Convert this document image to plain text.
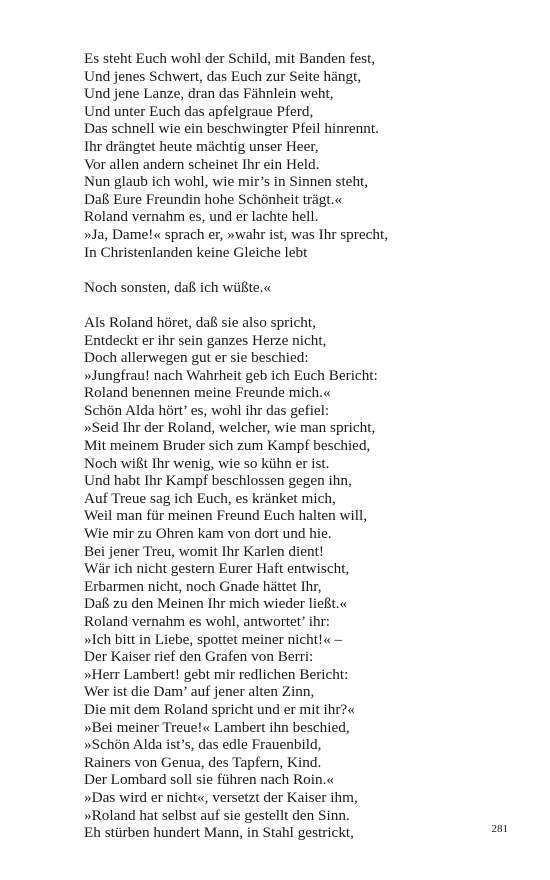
Es steht Euch wohl der Schild, mit Banden fest,
Und jenes Schwert, das Euch zur Seite hängt,
Und jene Lanze, dran das Fähnlein weht,
Und unter Euch das apfelgraue Pferd,
Das schnell wie ein beschwingter Pfeil hinrennt.
Ihr drängtet heute mächtig unser Heer,
Vor allen andern scheinet Ihr ein Held.
Nun glaub ich wohl, wie mir’s in Sinnen steht,
Daß Eure Freundin hohe Schönheit trägt.«
Roland vernahm es, und er lachte hell.
»Ja, Dame!« sprach er, »wahr ist, was Ihr sprecht,
In Christenlanden keine Gleiche lebt
Noch sonsten, daß ich wüßte.«
Als Roland höret, daß sie also spricht,
Entdeckt er ihr sein ganzes Herze nicht,
Doch allerwegen gut er sie beschied:
»Jungfrau! nach Wahrheit geb ich Euch Bericht:
Roland benennen meine Freunde mich.«
Schön Alda hört’ es, wohl ihr das gefiel:
»Seid Ihr der Roland, welcher, wie man spricht,
Mit meinem Bruder sich zum Kampf beschied,
Noch wißt Ihr wenig, wie so kühn er ist.
Und habt Ihr Kampf beschlossen gegen ihn,
Auf Treue sag ich Euch, es kränket mich,
Weil man für meinen Freund Euch halten will,
Wie mir zu Ohren kam von dort und hie.
Bei jener Treu, womit Ihr Karlen dient!
Wär ich nicht gestern Eurer Haft entwischt,
Erbarmen nicht, noch Gnade hättet Ihr,
Daß zu den Meinen Ihr mich wieder ließt.«
Roland vernahm es wohl, antwortet’ ihr:
»Ich bitt in Liebe, spottet meiner nicht!« –
Der Kaiser rief den Grafen von Berri:
»Herr Lambert! gebt mir redlichen Bericht:
Wer ist die Dam’ auf jener alten Zinn,
Die mit dem Roland spricht und er mit ihr?«
»Bei meiner Treue!« Lambert ihn beschied,
»Schön Alda ist’s, das edle Frauenbild,
Rainers von Genua, des Tapfern, Kind.
Der Lombard soll sie führen nach Roin.«
»Das wird er nicht«, versetzt der Kaiser ihm,
»Roland hat selbst auf sie gestellt den Sinn.
Eh stürben hundert Mann, in Stahl gestrickt,	281
